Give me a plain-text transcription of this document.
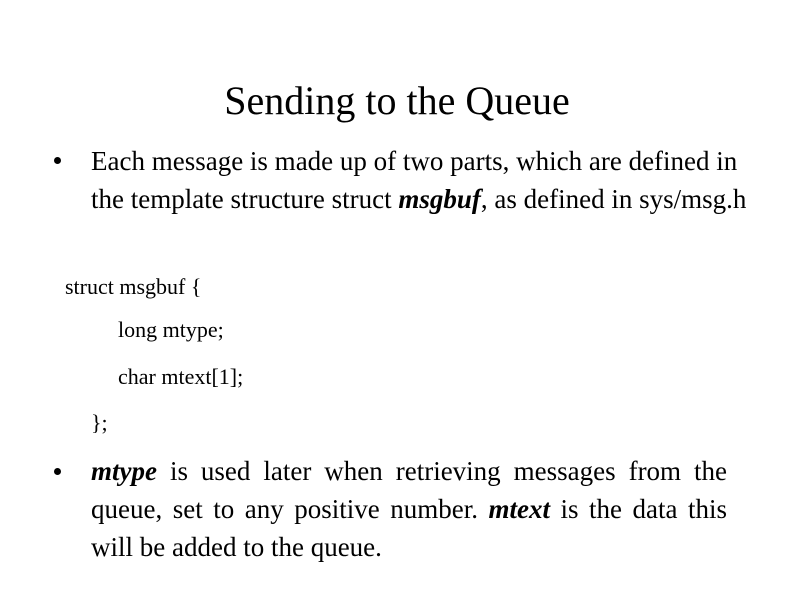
Sending to the Queue

Each message is made up of two parts, which are defined in the template structure struct msgbuf, as defined in sys/msg.h

struct msgbuf {

long mtype;

char mtext[1];

};

mtype is used later when retrieving messages from the queue, set to any positive number. mtext is the data this will be added to the queue.
